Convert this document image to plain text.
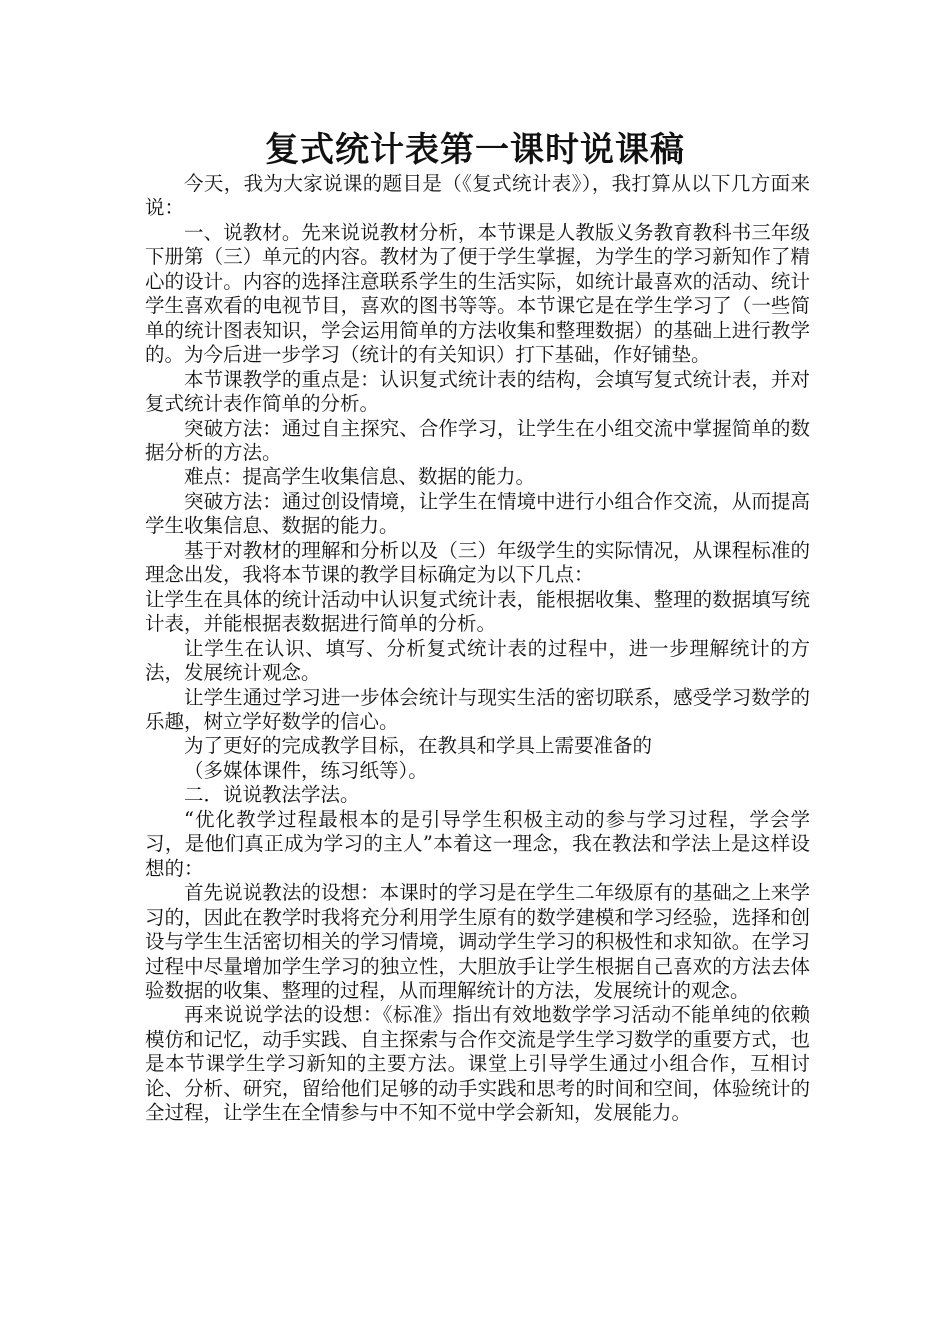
复式统计表第一课时说课稿

今天，我为大家说课的题目是（《复式统计表》），我打算从以下几方面来说：

一、说教材。先来说说教材分析，本节课是人教版义务教育教科书三年级下册第（三）单元的内容。教材为了便于学生掌握，为学生的学习新知作了精心的设计。内容的选择注意联系学生的生活实际，如统计最喜欢的活动、统计学生喜欢看的电视节目，喜欢的图书等等。本节课它是在学生学习了（一些简单的统计图表知识，学会运用简单的方法收集和整理数据）的基础上进行教学的。为今后进一步学习（统计的有关知识）打下基础，作好铺垫。

本节课教学的重点是：认识复式统计表的结构，会填写复式统计表，并对复式统计表作简单的分析。

突破方法：通过自主探究、合作学习，让学生在小组交流中掌握简单的数据分析的方法。

难点：提高学生收集信息、数据的能力。

突破方法：通过创设情境，让学生在情境中进行小组合作交流，从而提高学生收集信息、数据的能力。

基于对教材的理解和分析以及（三）年级学生的实际情况，从课程标准的理念出发，我将本节课的教学目标确定为以下几点：

让学生在具体的统计活动中认识复式统计表，能根据收集、整理的数据填写统计表，并能根据表数据进行简单的分析。

让学生在认识、填写、分析复式统计表的过程中，进一步理解统计的方法，发展统计观念。

让学生通过学习进一步体会统计与现实生活的密切联系，感受学习数学的乐趣，树立学好数学的信心。

为了更好的完成教学目标，在教具和学具上需要准备的

（多媒体课件，练习纸等）。

二．说说教法学法。

“优化教学过程最根本的是引导学生积极主动的参与学习过程，学会学习，是他们真正成为学习的主人”本着这一理念，我在教法和学法上是这样设想的：

首先说说教法的设想：本课时的学习是在学生二年级原有的基础之上来学习的，因此在教学时我将充分利用学生原有的数学建模和学习经验，选择和创设与学生生活密切相关的学习情境，调动学生学习的积极性和求知欲。在学习过程中尽量增加学生学习的独立性，大胆放手让学生根据自己喜欢的方法去体验数据的收集、整理的过程，从而理解统计的方法，发展统计的观念。

再来说说学法的设想：《标准》指出有效地数学学习活动不能单纯的依赖模仿和记忆，动手实践、自主探索与合作交流是学生学习数学的重要方式，也是本节课学生学习新知的主要方法。课堂上引导学生通过小组合作，互相讨论、分析、研究，留给他们足够的动手实践和思考的时间和空间，体验统计的全过程，让学生在全情参与中不知不觉中学会新知，发展能力。
